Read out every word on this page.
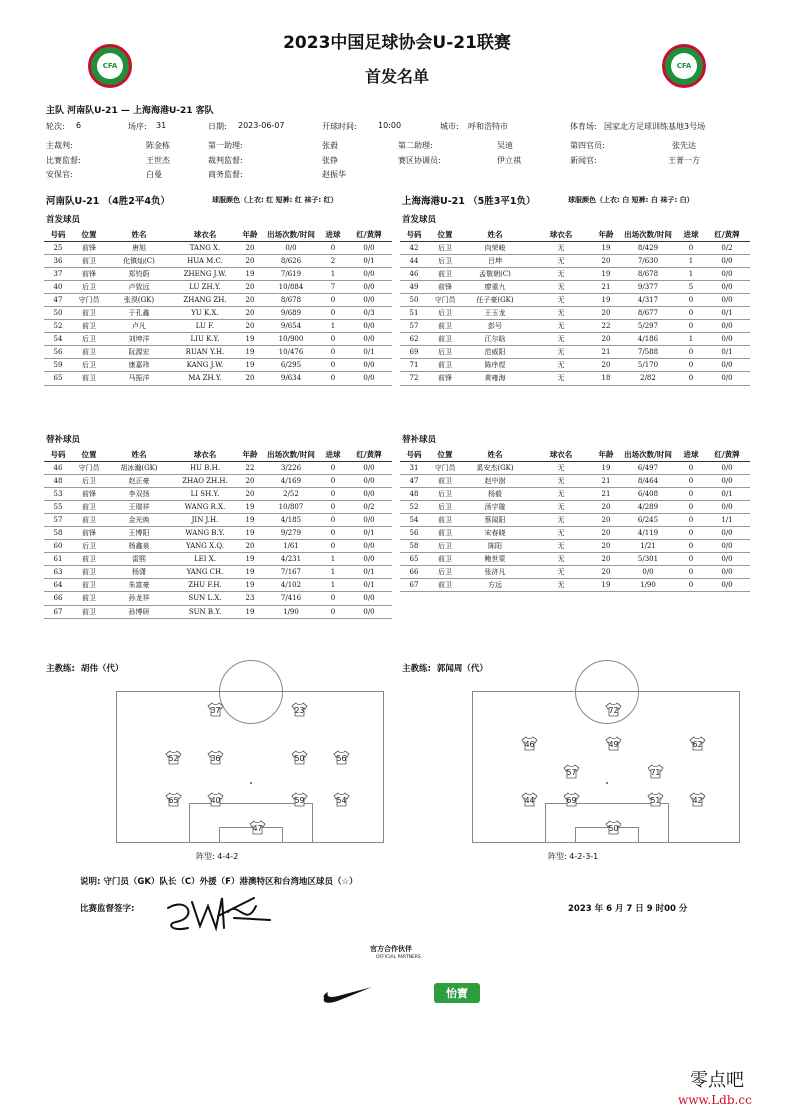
CFA	CFA
2023中国足球协会U-21联赛
首发名单
主队 河南队U-21 — 上海海港U-21 客队
轮次: 6	场序: 31	日期: 2023-06-07	开球时间:	10:00	城市: 呼和浩特市	体育场: 国家北方足球训练基地3号场
主裁判:	陈金栋	第一助理:	张毅	第二助理:	吴迪	第四官员:	张先达
比赛监督:	王世杰	裁判监督:	张铮	赛区协调员:	伊立祺	新闻官:	王菁一方
安保官:	白曼	商务监督:	赵振华
河南队U-21 （4胜2平4负）	球服颜色（上衣: 红 短裤: 红 袜子: 红）	上海海港U-21 （5胜3平1负）	球服颜色（上衣: 白 短裤: 白 袜子: 白）
首发球员	首发球员
号码	位置	姓名	球衣名	年龄	出场次数/时间	进球	红/黄牌
25	前锋	唐旭	TANG X.	20	0/0	0	0/0
36	前卫	化镇灿(C)	HUA M.C.	20	8/626	2	0/1
37	前锋	郑钧蔚	ZHENG J.W.	19	7/619	1	0/0
40	后卫	卢致远	LU ZH.Y.	20	10/884	7	0/0
47	守门员	张淏(GK)	ZHANG ZH.	20	8/678	0	0/0
50	前卫	于孔鑫	YU K.X.	20	9/689	0	0/3
52	前卫	卢凡	LU F.	20	9/654	1	0/0
54	后卫	刘坤洋	LIU K.Y.	19	10/900	0	0/0
56	前卫	阮源宏	RUAN Y.H.	19	10/476	0	0/1
59	后卫	康嘉玮	KANG J.W.	19	6/295	0	0/0
65	前卫	马振洋	MA ZH.Y.	20	9/634	0	0/0
号码	位置	姓名	球衣名	年龄	出场次数/时间	进球	红/黄牌
42	后卫	向荣峻	无	19	8/429	0	0/2
44	后卫	吕坤	无	20	7/630	1	0/0
46	前卫	孟敬朝(C)	无	19	8/678	1	0/0
49	前锋	廖重九	无	21	9/377	5	0/0
50	守门员	任子豪(GK)	无	19	4/317	0	0/0
51	后卫	王玉龙	无	20	8/677	0	0/1
57	前卫	彭号	无	22	5/297	0	0/0
62	前卫	江尔晗	无	20	4/186	1	0/0
69	后卫	范威阳	无	21	7/588	0	0/1
71	前卫	陈序煜	无	20	5/170	0	0/0
72	前锋	黄雍海	无	18	2/82	0	0/0
替补球员	替补球员
号码	位置	姓名	球衣名	年龄	出场次数/时间	进球	红/黄牌
46	守门员	胡冰瀚(GK)	HU B.H.	22	3/226	0	0/0
48	后卫	赵正豪	ZHAO ZH.H.	20	4/169	0	0/0
53	前锋	李双扬	LI SH.Y.	20	2/52	0	0/0
55	前卫	王瑞祥	WANG R.X.	19	10/807	0	0/2
57	前卫	金光焕	JIN J.H.	19	4/185	0	0/0
58	前锋	王博阳	WANG B.Y.	19	9/279	0	0/1
60	后卫	杨鑫泉	YANG X.Q.	20	1/61	0	0/0
61	前卫	雷熙	LEI X.	19	4/231	1	0/0
63	前卫	杨潇	YANG CH.	19	7/167	1	0/1
64	前卫	朱富豪	ZHU F.H.	19	4/102	1	0/1
66	前卫	孙龙祥	SUN L.X.	23	7/416	0	0/0
67	前卫	孙博研	SUN B.Y.	19	1/90	0	0/0
号码	位置	姓名	球衣名	年龄	出场次数/时间	进球	红/黄牌
31	守门员	奚安杰(GK)	无	19	6/497	0	0/0
47	前卫	赵中澍	无	21	8/464	0	0/0
48	后卫	杨毅	无	21	6/408	0	0/1
52	后卫	汤宇璇	无	20	4/289	0	0/0
54	前卫	蔡闻阳	无	20	6/245	0	1/1
56	前卫	宋春晓	无	20	4/119	0	0/0
58	后卫	陈阳	无	20	1/21	0	0/0
65	前卫	鲍世蒙	无	20	5/301	0	0/0
66	后卫	张济凡	无	20	0/0	0	0/0
67	前卫	方远	无	19	1/90	0	0/0
主教练: 胡伟（代）	主教练: 郭闻周（代）
37	23
52	36	50	56
65	40	59	54
47
72
46	49	62
57	71
44	69	51	42
50
阵型: 4-4-2	阵型: 4-2-3-1
说明: 守门员（GK）队长（C）外援（F）港澳特区和台湾地区球员（☆）
比赛监督签字:	2023 年 6 月 7 日 9 时00 分
官方合作伙伴
OFFICIAL PARTNERS
怡寶
零点吧
www.Ldb.cc
